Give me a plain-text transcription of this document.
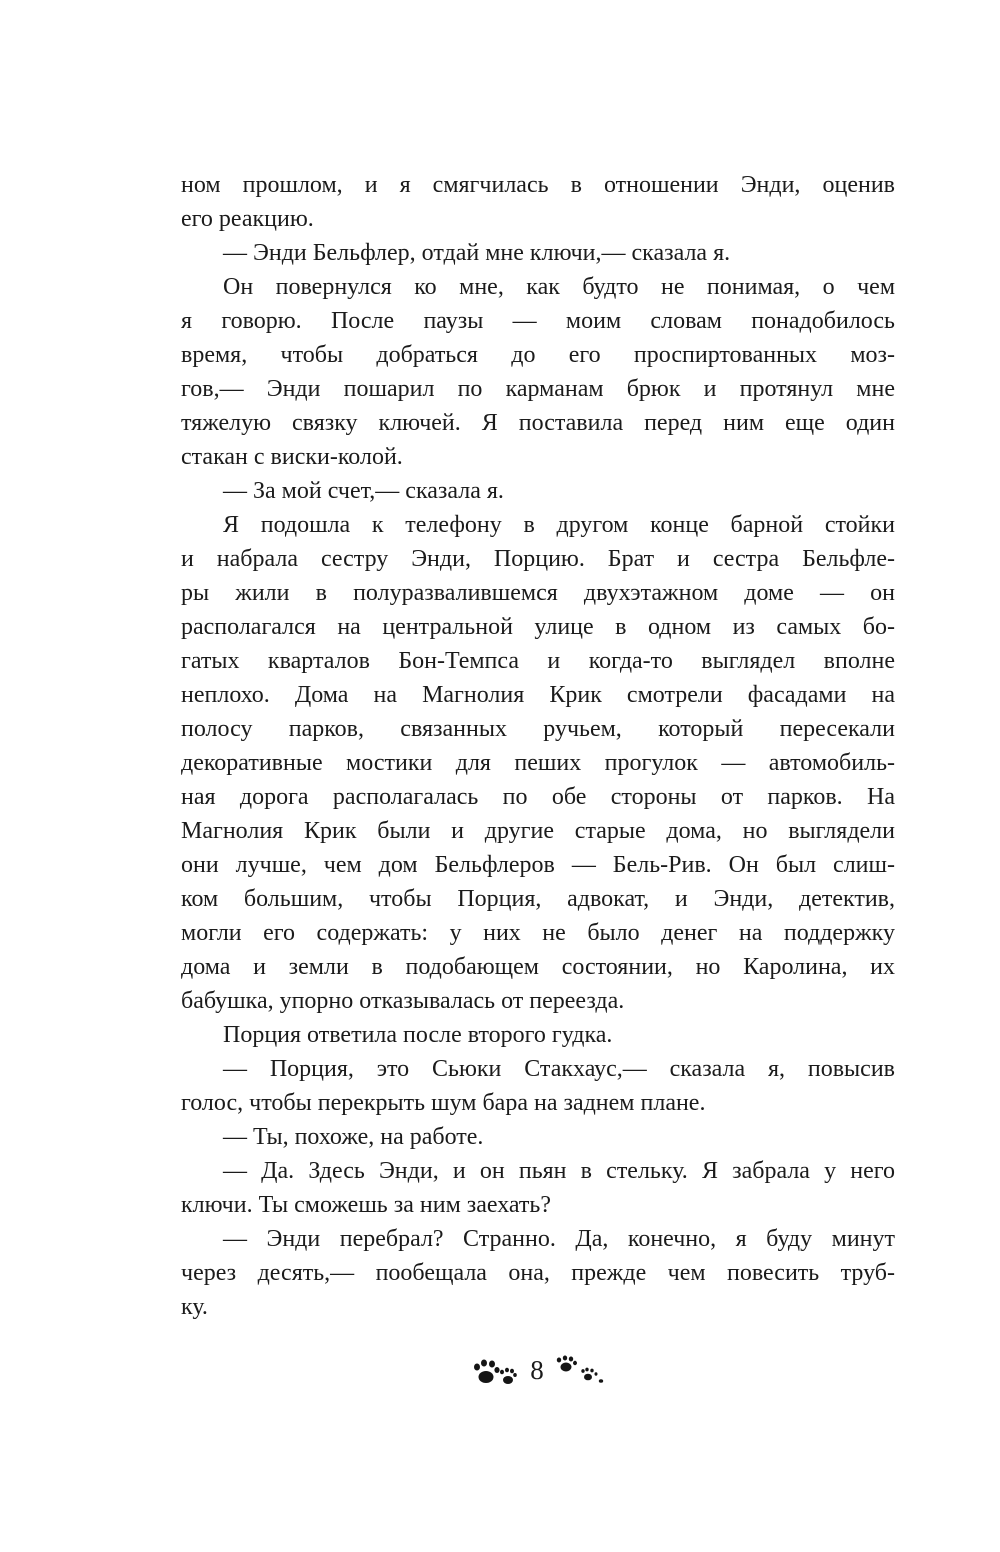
ном прошлом, и я смягчилась в отношении Энди, оценив
его реакцию.
— Энди Бельфлер, отдай мне ключи,— сказала я.
Он повернулся ко мне, как будто не понимая, о чем
я говорю. После паузы — моим словам понадобилось
время, чтобы добраться до его проспиртованных моз-
гов,— Энди пошарил по карманам брюк и протянул мне
тяжелую связку ключей. Я поставила перед ним еще один
стакан с виски-колой.
— За мой счет,— сказала я.
Я подошла к телефону в другом конце барной стойки
и набрала сестру Энди, Порцию. Брат и сестра Бельфле-
ры жили в полуразвалившемся двухэтажном доме — он
располагался на центральной улице в одном из самых бо-
гатых кварталов Бон-Темпса и когда-то выглядел вполне
неплохо. Дома на Магнолия Крик смотрели фасадами на
полосу парков, связанных ручьем, который пересекали
декоративные мостики для пеших прогулок — автомобиль-
ная дорога располагалась по обе стороны от парков. На
Магнолия Крик были и другие старые дома, но выглядели
они лучше, чем дом Бельфлеров — Бель-Рив. Он был слиш-
ком большим, чтобы Порция, адвокат, и Энди, детектив,
могли его содержать: у них не было денег на поддержку
дома и земли в подобающем состоянии, но Каролина, их
бабушка, упорно отказывалась от переезда.
Порция ответила после второго гудка.
— Порция, это Сьюки Стакхаус,— сказала я, повысив
голос, чтобы перекрыть шум бара на заднем плане.
— Ты, похоже, на работе.
— Да. Здесь Энди, и он пьян в стельку. Я забрала у него
ключи. Ты сможешь за ним заехать?
— Энди перебрал? Странно. Да, конечно, я буду минут
через десять,— пообещала она, прежде чем повесить труб-
ку.
8
